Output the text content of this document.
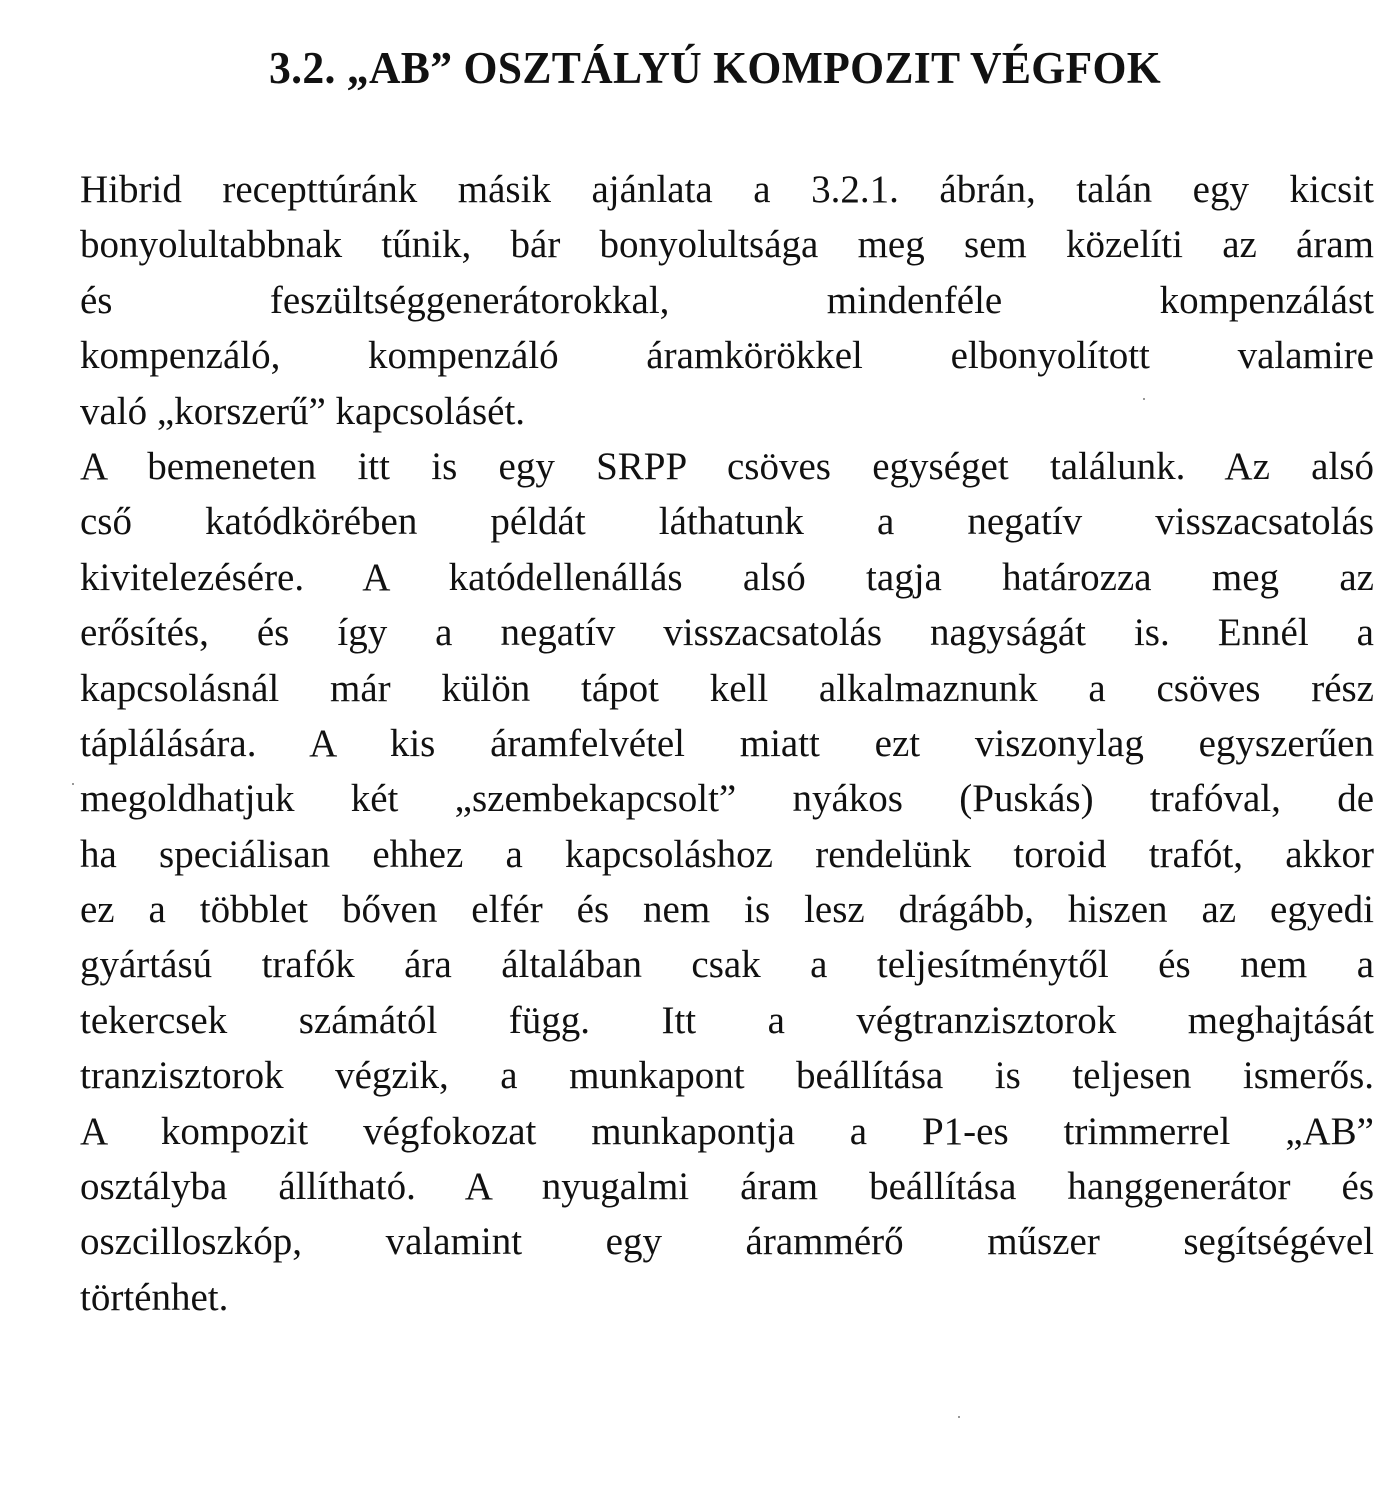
3.2. „AB” OSZTÁLYÚ KOMPOZIT VÉGFOK
Hibrid recepttúránk másik ajánlata a 3.2.1. ábrán, talán egy kicsit
bonyolultabbnak tűnik, bár bonyolultsága meg sem közelíti az áram
és feszültséggenerátorokkal, mindenféle kompenzálást
kompenzáló, kompenzáló áramkörökkel elbonyolított valamire
való „korszerű” kapcsolásét.
A bemeneten itt is egy SRPP csöves egységet találunk. Az alsó
cső katódkörében példát láthatunk a negatív visszacsatolás
kivitelezésére. A katódellenállás alsó tagja határozza meg az
erősítés, és így a negatív visszacsatolás nagyságát is. Ennél a
kapcsolásnál már külön tápot kell alkalmaznunk a csöves rész
táplálására. A kis áramfelvétel miatt ezt viszonylag egyszerűen
megoldhatjuk két „szembekapcsolt” nyákos (Puskás) trafóval, de
ha speciálisan ehhez a kapcsoláshoz rendelünk toroid trafót, akkor
ez a többlet bőven elfér és nem is lesz drágább, hiszen az egyedi
gyártású trafók ára általában csak a teljesítménytől és nem a
tekercsek számától függ. Itt a végtranzisztorok meghajtását
tranzisztorok végzik, a munkapont beállítása is teljesen ismerős.
A kompozit végfokozat munkapontja a P1-es trimmerrel „AB”
osztályba állítható. A nyugalmi áram beállítása hanggenerátor és
oszcilloszkóp, valamint egy árammérő műszer segítségével
történhet.
